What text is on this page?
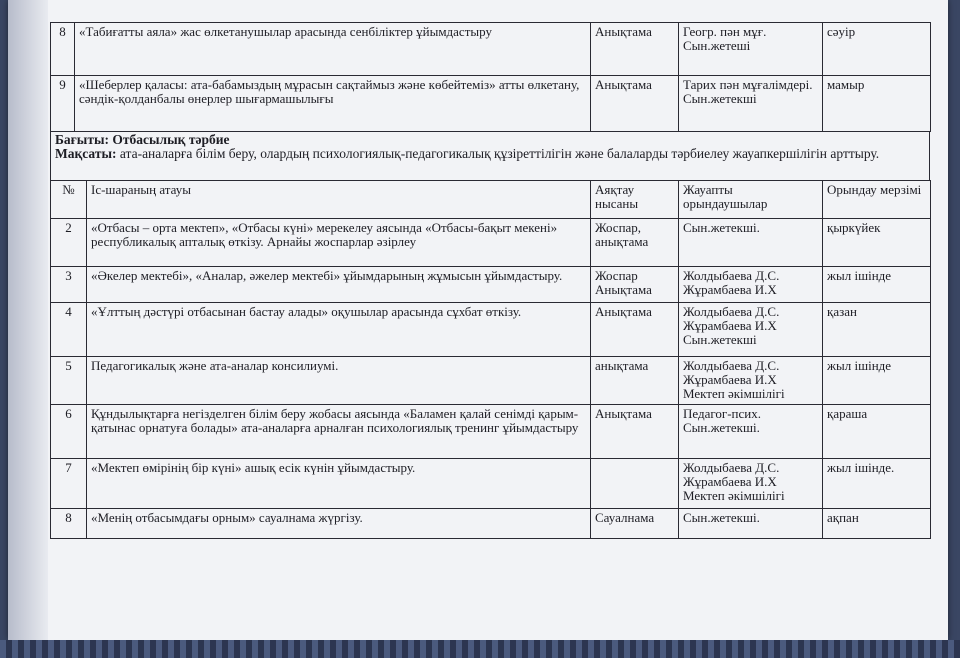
8	«Табиғатты аяла» жас өлкетанушылар арасында сенбіліктер ұйымдастыру	Анықтама	Геогр. пән мұғ. Сын.жетеші	сәуір
9	«Шеберлер қаласы: ата-бабамыздың мұрасын сақтаймыз және көбейтеміз» атты өлкетану, сәндік-қолданбалы өнерлер шығармашылығы	Анықтама	Тарих пән мұғалімдері. Сын.жетекші	мамыр
Бағыты: Отбасылық тәрбие
Мақсаты: ата-аналарға білім беру, олардың психологиялық-педагогикалық құзіреттілігін және балаларды тәрбиелеу жауапкершілігін арттыру.
№	Іс-шараның атауы	Аяқтау нысаны	Жауапты орындаушылар	Орындау мерзімі
2	«Отбасы – орта мектеп», «Отбасы күні» мерекелеу аясында «Отбасы-бақыт мекені» республикалық апталық өткізу. Арнайы жоспарлар әзірлеу	Жоспар, анықтама	Сын.жетекші.	қыркүйек
3	«Әкелер мектебі», «Аналар, әжелер мектебі» ұйымдарының жұмысын ұйымдастыру.	Жоспар Анықтама	Жолдыбаева Д.С. Жұрамбаева И.Х	жыл ішінде
4	«Ұлттың дәстүрі отбасынан бастау алады» оқушылар арасында сұхбат өткізу.	Анықтама	Жолдыбаева Д.С. Жұрамбаева И.Х Сын.жетекші	қазан
5	Педагогикалық және ата-аналар консилиумі.	анықтама	Жолдыбаева Д.С. Жұрамбаева И.Х Мектеп әкімшілігі	жыл ішінде
6	Құндылықтарға негізделген білім беру жобасы аясында «Баламен қалай сенімді қарым-қатынас орнатуға болады» ата-аналарға арналған психологиялық тренинг ұйымдастыру	Анықтама	Педагог-псих. Сын.жетекші.	қараша
7	«Мектеп өмірінің бір күні» ашық есік күнін ұйымдастыру.		Жолдыбаева Д.С. Жұрамбаева И.Х Мектеп әкімшілігі	жыл ішінде.
8	«Менің отбасымдағы орным» сауалнама жүргізу.	Сауалнама	Сын.жетекші.	ақпан
